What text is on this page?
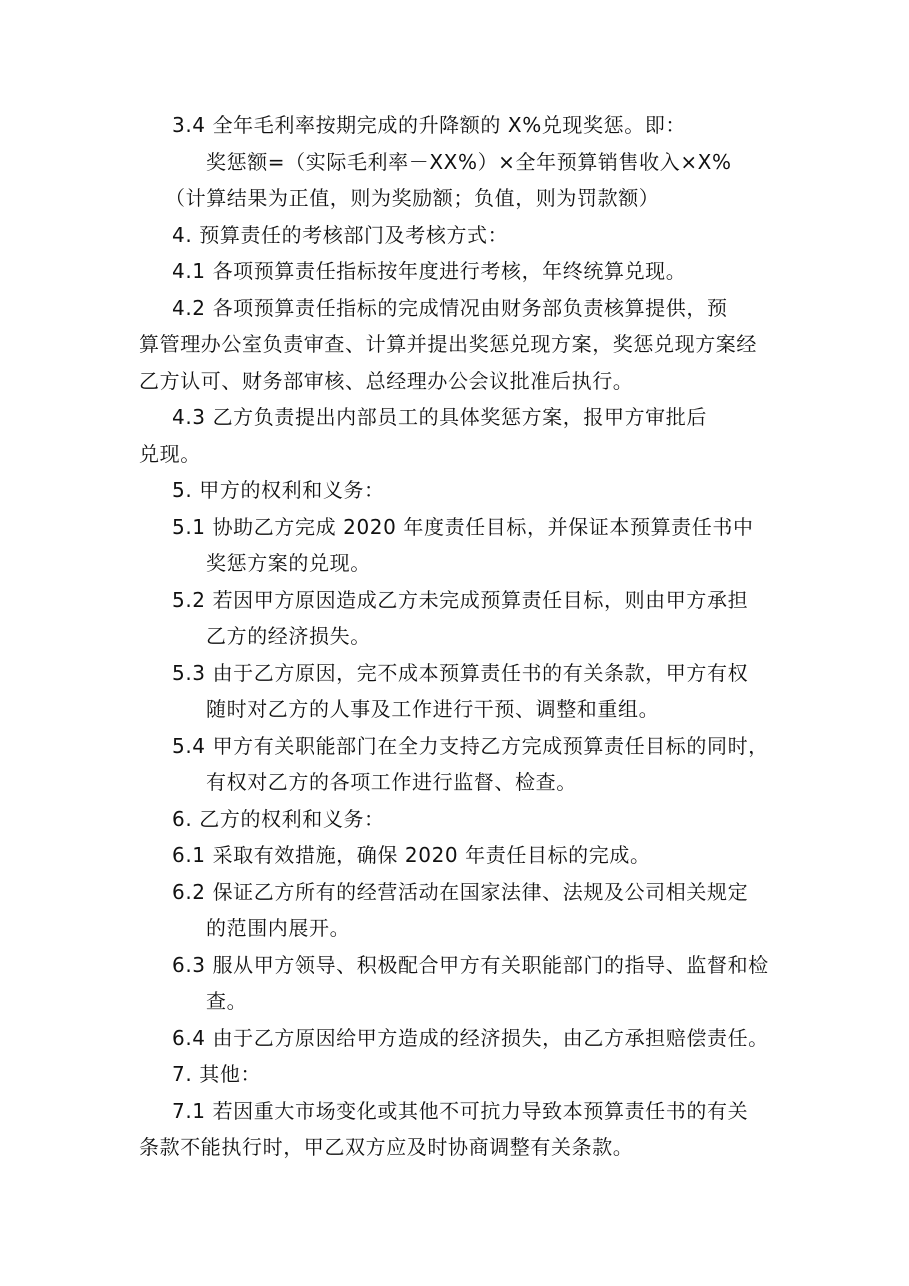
3.4 全年毛利率按期完成的升降额的 X%兑现奖惩。即：
奖惩额=（实际毛利率－XX%）×全年预算销售收入×X%
（计算结果为正值，则为奖励额；负值，则为罚款额）
4. 预算责任的考核部门及考核方式：
4.1 各项预算责任指标按年度进行考核，年终统算兑现。
4.2 各项预算责任指标的完成情况由财务部负责核算提供，预
算管理办公室负责审查、计算并提出奖惩兑现方案，奖惩兑现方案经
乙方认可、财务部审核、总经理办公会议批准后执行。
4.3 乙方负责提出内部员工的具体奖惩方案，报甲方审批后
兑现。
5. 甲方的权利和义务：
5.1 协助乙方完成 2020 年度责任目标，并保证本预算责任书中
奖惩方案的兑现。
5.2 若因甲方原因造成乙方未完成预算责任目标，则由甲方承担
乙方的经济损失。
5.3 由于乙方原因，完不成本预算责任书的有关条款，甲方有权
随时对乙方的人事及工作进行干预、调整和重组。
5.4 甲方有关职能部门在全力支持乙方完成预算责任目标的同时，
有权对乙方的各项工作进行监督、检查。
6. 乙方的权利和义务：
6.1 采取有效措施，确保 2020 年责任目标的完成。
6.2 保证乙方所有的经营活动在国家法律、法规及公司相关规定
的范围内展开。
6.3 服从甲方领导、积极配合甲方有关职能部门的指导、监督和检
查。
6.4 由于乙方原因给甲方造成的经济损失，由乙方承担赔偿责任。
7. 其他：
7.1 若因重大市场变化或其他不可抗力导致本预算责任书的有关
条款不能执行时，甲乙双方应及时协商调整有关条款。
